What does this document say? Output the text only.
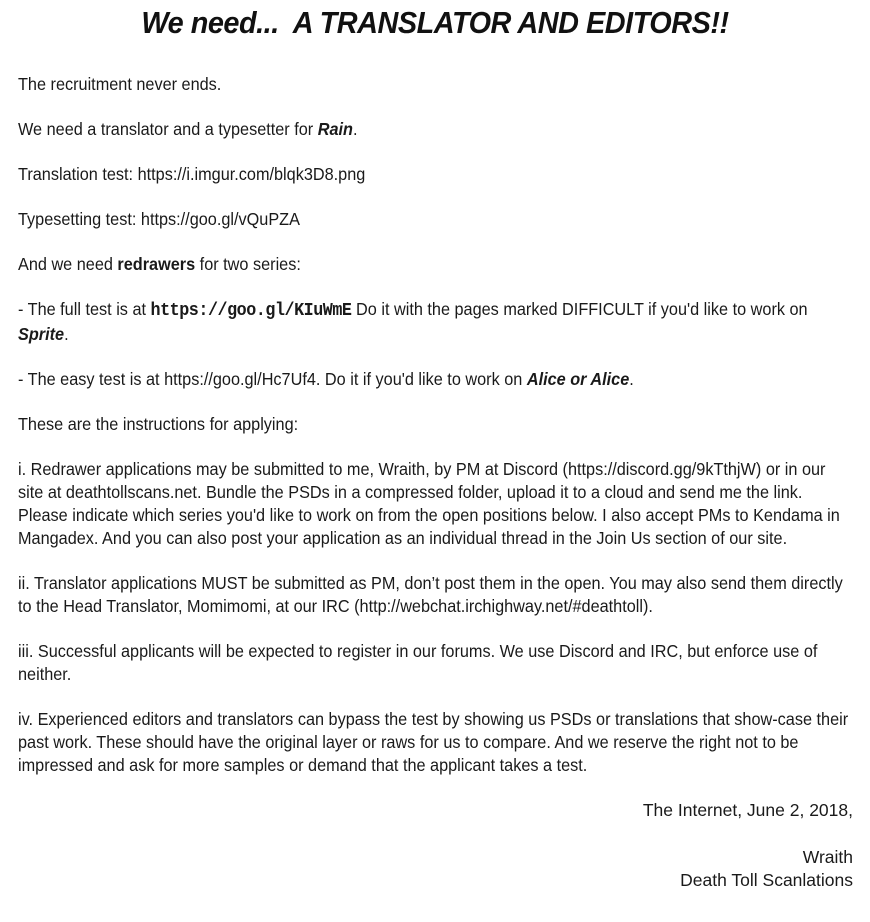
We need...  A TRANSLATOR AND EDITORS!!

The recruitment never ends.

We need a translator and a typesetter for Rain.

Translation test: https://i.imgur.com/blqk3D8.png

Typesetting test: https://goo.gl/vQuPZA

And we need redrawers for two series:

- The full test is at https://goo.gl/KIuWmE Do it with the pages marked DIFFICULT if you'd like to work on Sprite.

- The easy test is at https://goo.gl/Hc7Uf4. Do it if you'd like to work on Alice or Alice.

These are the instructions for applying:

i. Redrawer applications may be submitted to me, Wraith, by PM at Discord (https://discord.gg/9kTthjW) or in our site at deathtollscans.net. Bundle the PSDs in a compressed folder, upload it to a cloud and send me the link. Please indicate which series you'd like to work on from the open positions below. I also accept PMs to Kendama in Mangadex. And you can also post your application as an individual thread in the Join Us section of our site.

ii. Translator applications MUST be submitted as PM, don’t post them in the open. You may also send them directly to the Head Translator, Momimomi, at our IRC (http://webchat.irchighway.net/#deathtoll).

iii. Successful applicants will be expected to register in our forums. We use Discord and IRC, but enforce use of neither.

iv. Experienced editors and translators can bypass the test by showing us PSDs or translations that show-case their past work. These should have the original layer or raws for us to compare. And we reserve the right not to be impressed and ask for more samples or demand that the applicant takes a test.

The Internet, June 2, 2018,

Wraith
Death Toll Scanlations
